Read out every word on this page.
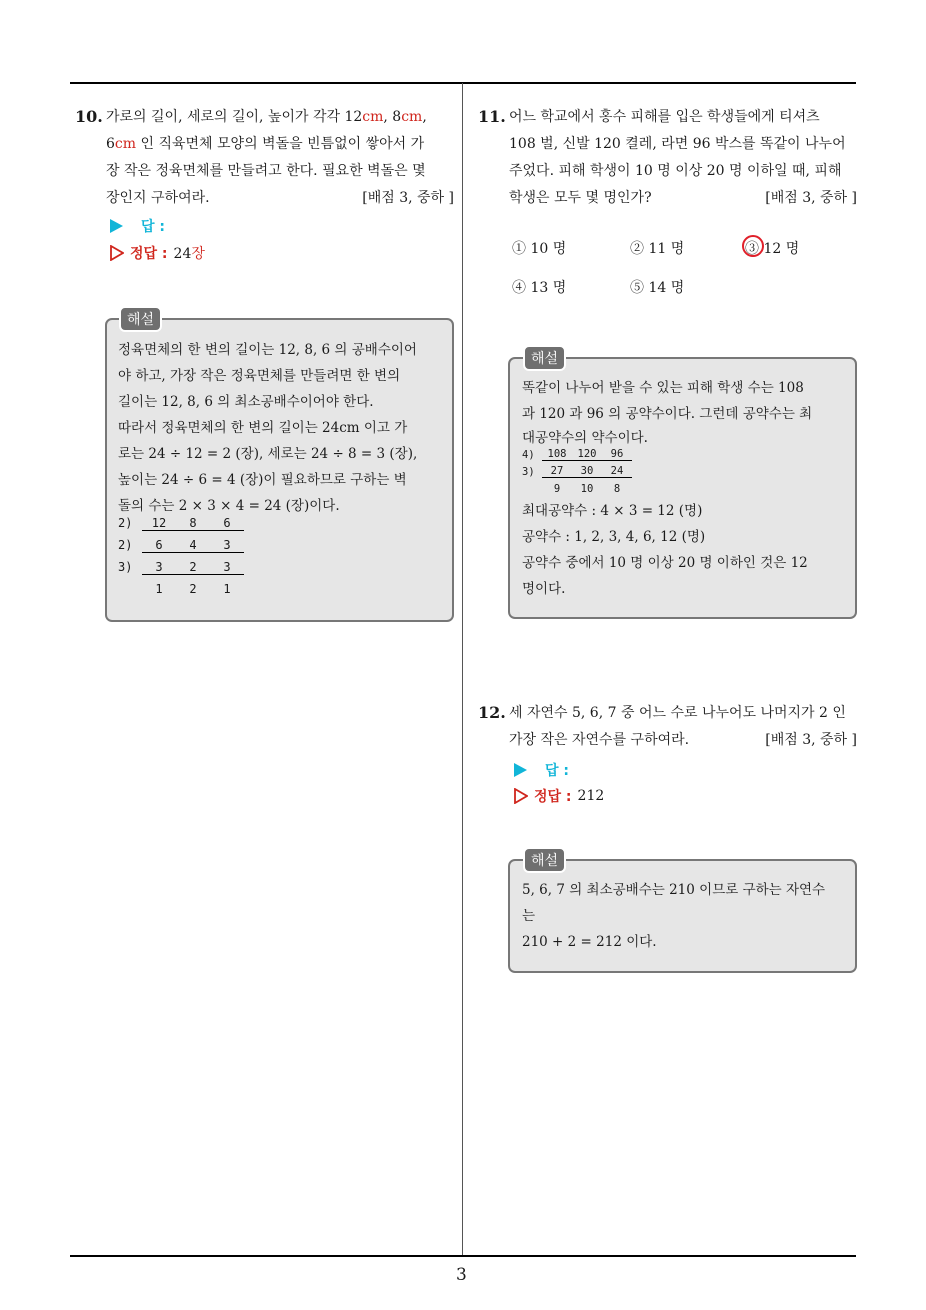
10. 가로의 길이, 세로의 길이, 높이가 각각 12cm, 8cm,
6cm 인 직육면체 모양의 벽돌을 빈틈없이 쌓아서 가
장 작은 정육면체를 만들려고 한다. 필요한 벽돌은 몇
장인지 구하여라.	[배점 3, 중하 ]
답 :
정답 : 24장
해설
정육면체의 한 변의 길이는 12, 8, 6 의 공배수이어
야 하고, 가장 작은 정육면체를 만들려면 한 변의
길이는 12, 8, 6 의 최소공배수이어야 한다.
따라서 정육면체의 한 변의 길이는 24cm 이고 가
로는 24 ÷ 12 = 2 (장), 세로는 24 ÷ 8 = 3 (장),
높이는 24 ÷ 6 = 4 (장)이 필요하므로 구하는 벽
돌의 수는 2 × 3 × 4 = 24 (장)이다.
2)	12	8	6
2)	6	4	3
3)	3	2	3
1	2	1
11. 어느 학교에서 홍수 피해를 입은 학생들에게 티셔츠
108 벌, 신발 120 켤레, 라면 96 박스를 똑같이 나누어
주었다. 피해 학생이 10 명 이상 20 명 이하일 때, 피해
학생은 모두 몇 명인가?	[배점 3, 중하 ]
① 10 명	② 11 명	③ 12 명
④ 13 명	⑤ 14 명
해설
똑같이 나누어 받을 수 있는 피해 학생 수는 108
과 120 과 96 의 공약수이다. 그런데 공약수는 최
대공약수의 약수이다.
4)	108	120	96
3)	27	30	24
9	10	8
최대공약수 : 4 × 3 = 12 (명)
공약수 : 1, 2, 3, 4, 6, 12 (명)
공약수 중에서 10 명 이상 20 명 이하인 것은 12
명이다.
12. 세 자연수 5, 6, 7 중 어느 수로 나누어도 나머지가 2 인
가장 작은 자연수를 구하여라.	[배점 3, 중하 ]
답 :
정답 : 212
해설
5, 6, 7 의 최소공배수는 210 이므로 구하는 자연수
는
210 + 2 = 212 이다.
3
